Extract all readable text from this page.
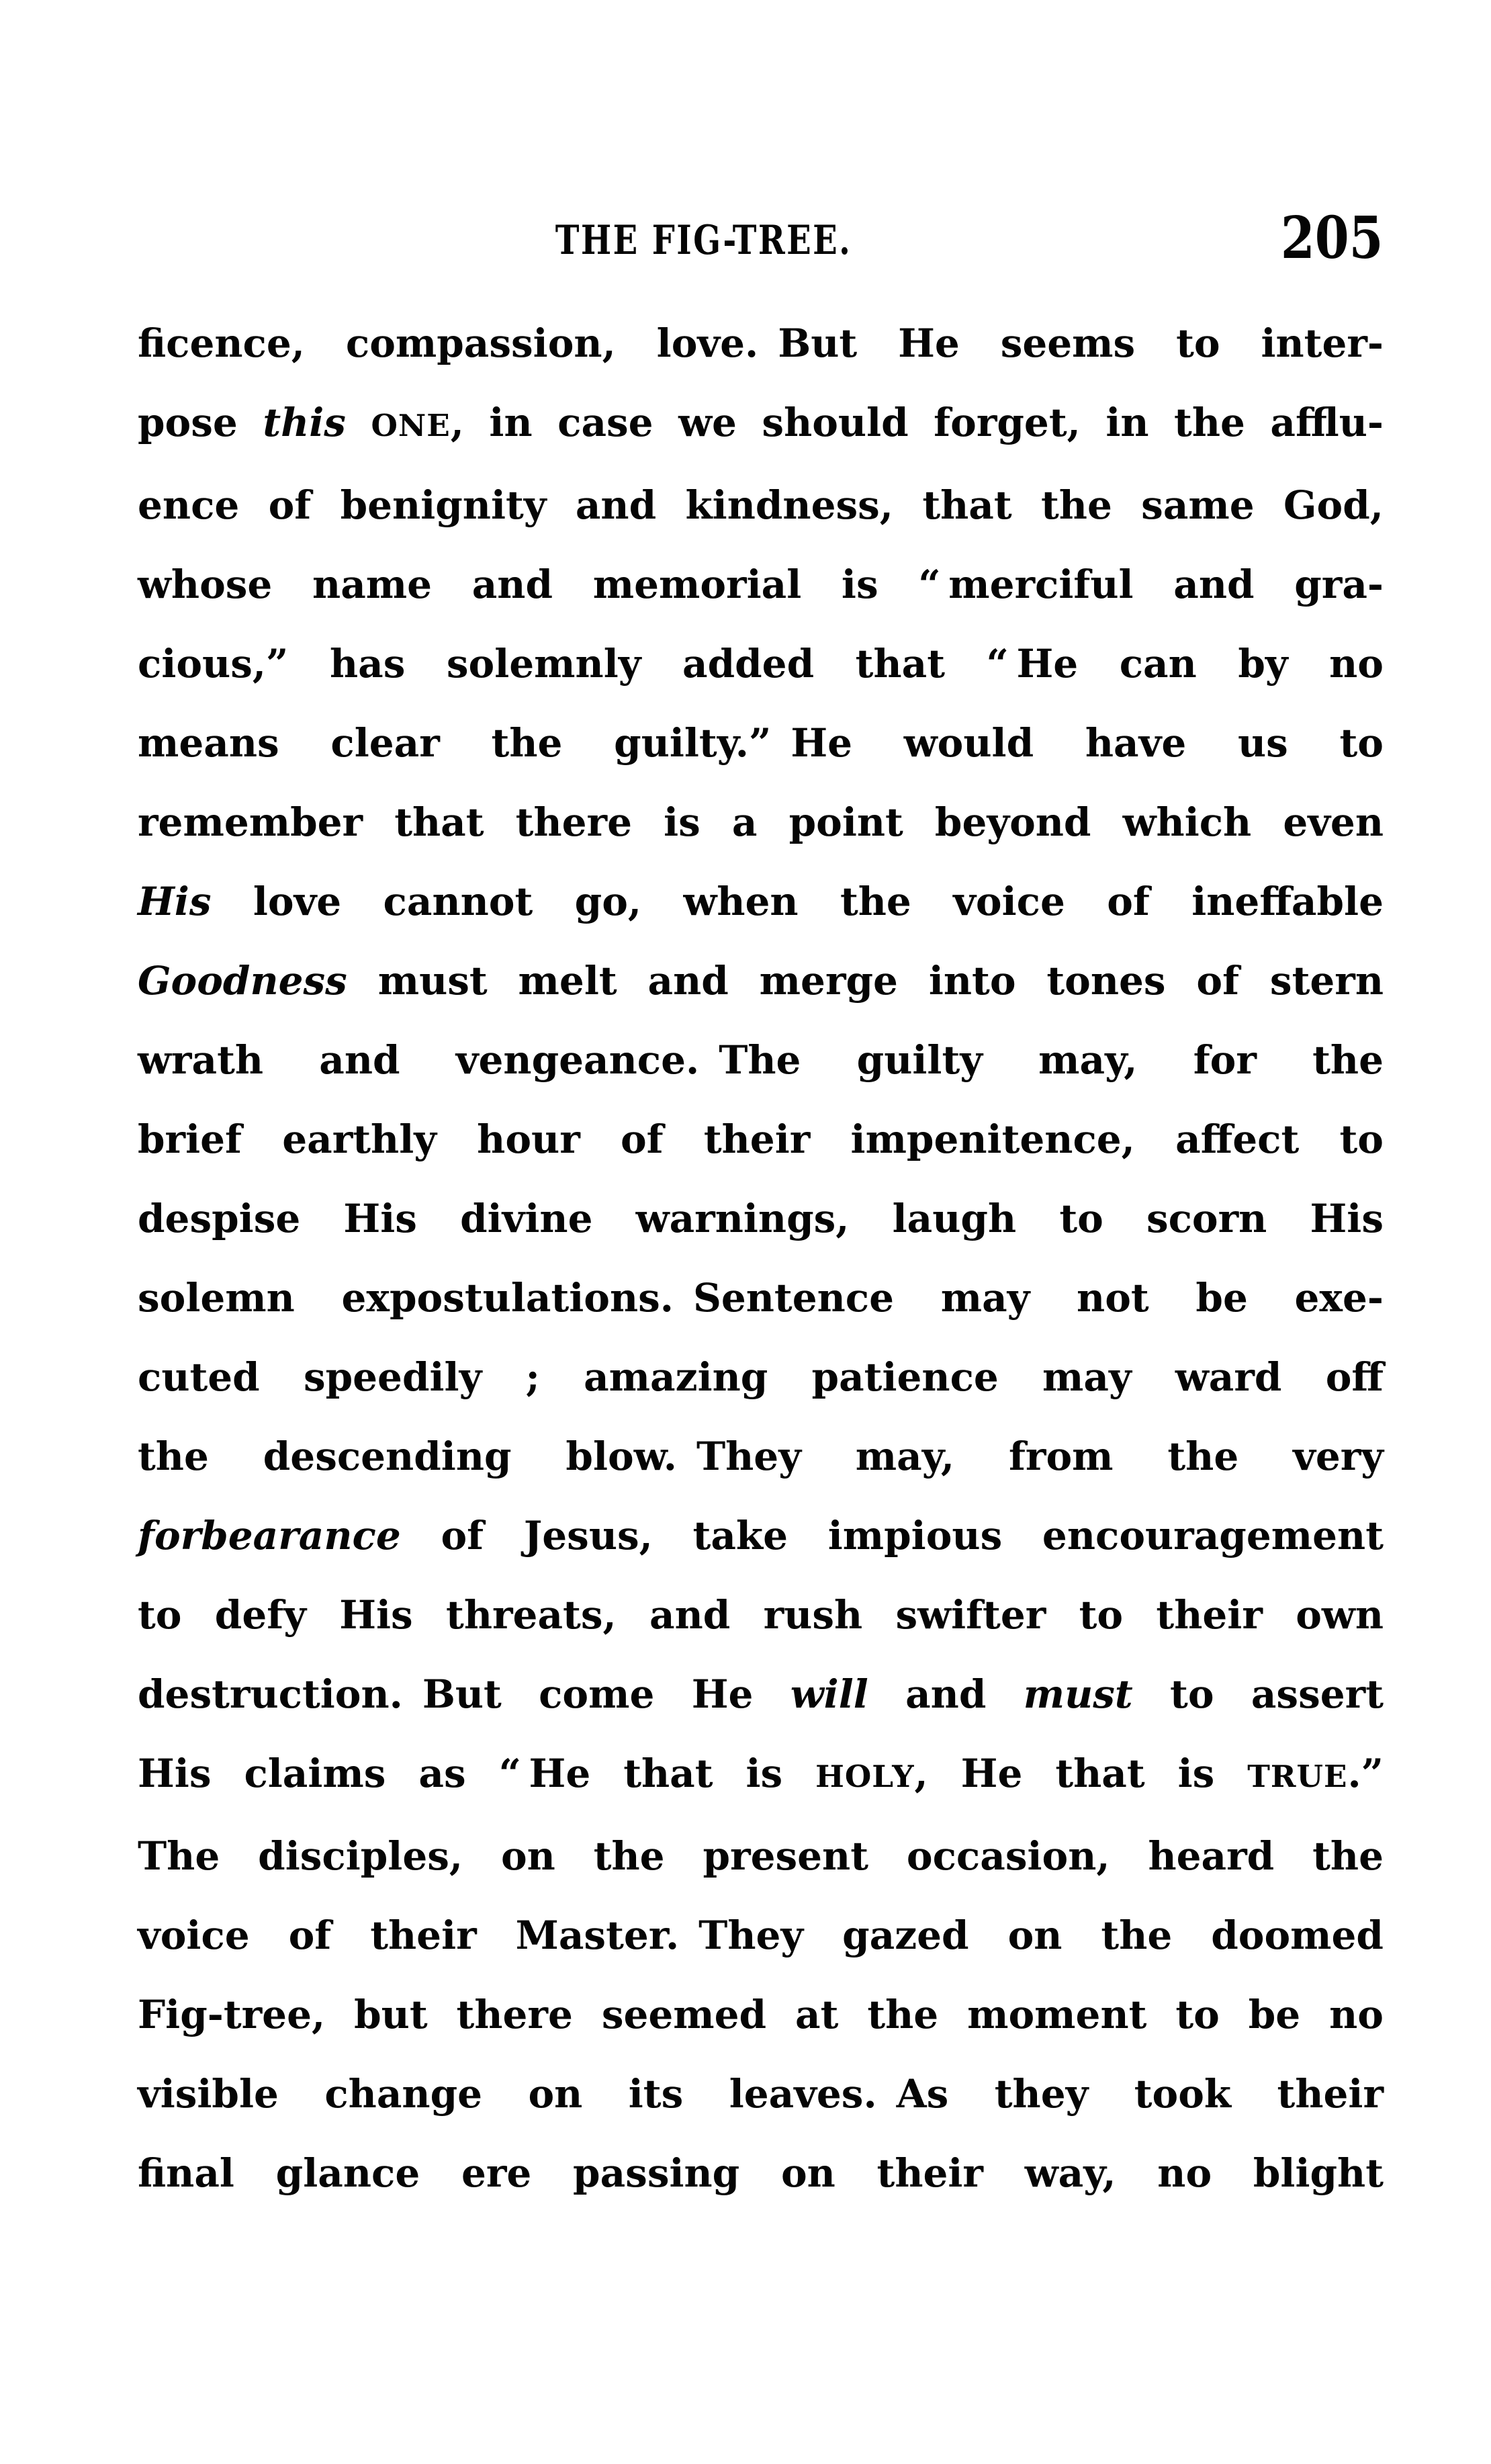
THE FIG-TREE.	205
ficence, compassion, love. But He seems to inter-
pose this ONE, in case we should forget, in the afflu-
ence of benignity and kindness, that the same God,
whose name and memorial is “ merciful and gra-
cious,” has solemnly added that “ He can by no
means clear the guilty.” He would have us to
remember that there is a point beyond which even
His love cannot go, when the voice of ineffable
Goodness must melt and merge into tones of stern
wrath and vengeance. The guilty may, for the
brief earthly hour of their impenitence, affect to
despise His divine warnings, laugh to scorn His
solemn expostulations. Sentence may not be exe-
cuted speedily ; amazing patience may ward off
the descending blow. They may, from the very
forbearance of Jesus, take impious encouragement
to defy His threats, and rush swifter to their own
destruction. But come He will and must to assert
His claims as “ He that is HOLY, He that is TRUE.”
The disciples, on the present occasion, heard the
voice of their Master. They gazed on the doomed
Fig-tree, but there seemed at the moment to be no
visible change on its leaves. As they took their
final glance ere passing on their way, no blight
